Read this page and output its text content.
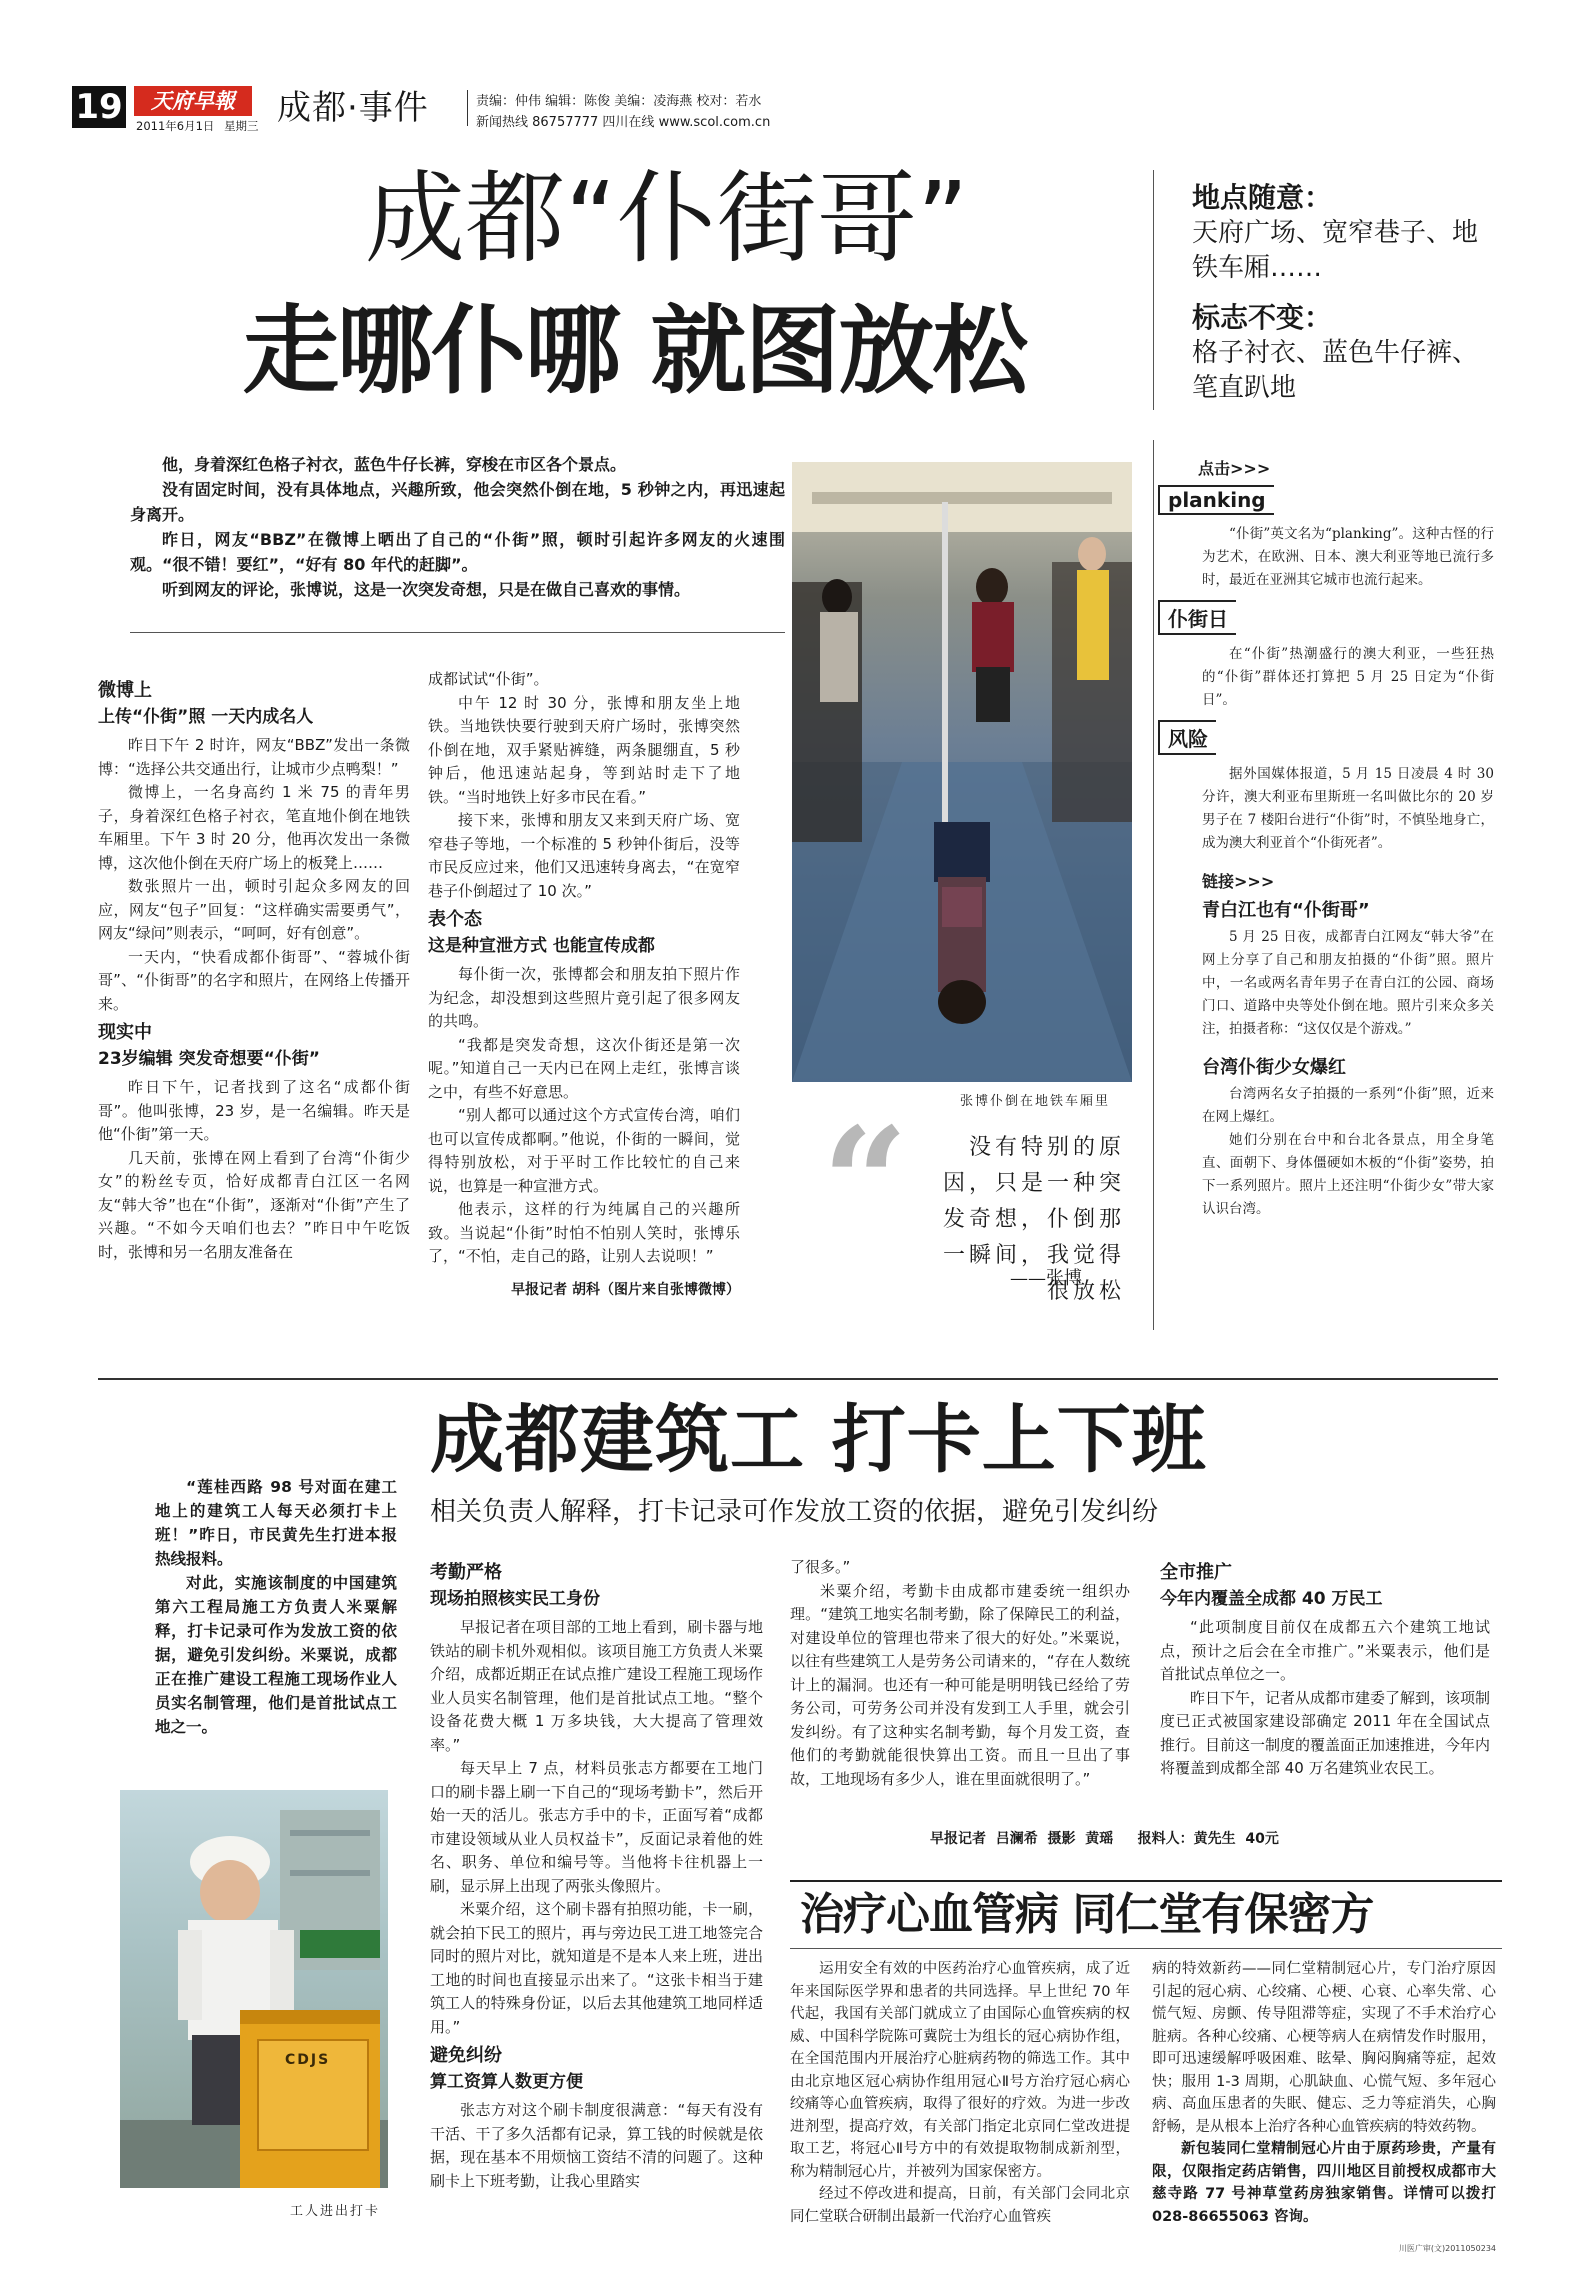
19	天府早報
2011年6月1日 星期三 成都·事件	责编：仲伟 编辑：陈俊 美编：凌海燕 校对：若水
新闻热线 86757777 四川在线 www.scol.com.cn
成都“仆街哥”
走哪仆哪 就图放松
地点随意：
天府广场、宽窄巷子、地铁车厢……
标志不变：
格子衬衣、蓝色牛仔裤、笔直趴地

他，身着深红色格子衬衣，蓝色牛仔长裤，穿梭在市区各个景点。

没有固定时间，没有具体地点，兴趣所致，他会突然仆倒在地，5 秒钟之内，再迅速起身离开。

昨日，网友“BBZ”在微博上晒出了自己的“仆街”照，顿时引起许多网友的火速围观。“很不错！要红”，“好有 80 年代的赶脚”。

听到网友的评论，张博说，这是一次突发奇想，只是在做自己喜欢的事情。

微博上
上传“仆街”照 一天内成名人

昨日下午 2 时许，网友“BBZ”发出一条微博：“选择公共交通出行，让城市少点鸭梨！”

微博上，一名身高约 1 米 75 的青年男子，身着深红色格子衬衣，笔直地仆倒在地铁车厢里。下午 3 时 20 分，他再次发出一条微博，这次他仆倒在天府广场上的板凳上……

数张照片一出，顿时引起众多网友的回应，网友“包子”回复：“这样确实需要勇气”，网友“绿问”则表示，“呵呵，好有创意”。

一天内，“快看成都仆街哥”、“蓉城仆街哥”、“仆街哥”的名字和照片，在网络上传播开来。

现实中
23岁编辑 突发奇想要“仆街”

昨日下午，记者找到了这名“成都仆街哥”。他叫张博，23 岁，是一名编辑。昨天是他“仆街”第一天。

几天前，张博在网上看到了台湾“仆街少女”的粉丝专页，恰好成都青白江区一名网友“韩大爷”也在“仆街”，逐渐对“仆街”产生了兴趣。“不如今天咱们也去？”昨日中午吃饭时，张博和另一名朋友准备在

成都试试“仆街”。

中午 12 时 30 分，张博和朋友坐上地铁。当地铁快要行驶到天府广场时，张博突然仆倒在地，双手紧贴裤缝，两条腿绷直，5 秒钟后，他迅速站起身，等到站时走下了地铁。“当时地铁上好多市民在看。”

接下来，张博和朋友又来到天府广场、宽窄巷子等地，一个标准的 5 秒钟仆街后，没等市民反应过来，他们又迅速转身离去，“在宽窄巷子仆倒超过了 10 次。”

表个态
这是种宣泄方式 也能宣传成都

每仆街一次，张博都会和朋友拍下照片作为纪念，却没想到这些照片竟引起了很多网友的共鸣。

“我都是突发奇想，这次仆街还是第一次呢。”知道自己一天内已在网上走红，张博言谈之中，有些不好意思。

“别人都可以通过这个方式宣传台湾，咱们也可以宣传成都啊。”他说，仆街的一瞬间，觉得特别放松，对于平时工作比较忙的自己来说，也算是一种宣泄方式。

他表示，这样的行为纯属自己的兴趣所致。当说起“仆街”时怕不怕别人笑时，张博乐了，“不怕，走自己的路，让别人去说呗！”

早报记者 胡科（图片来自张博微博）
张博仆倒在地铁车厢里
“	没有特别的原因，只是一种突发奇想，仆倒那一瞬间，我觉得很放松
——张博
点击>>>
planking

“仆街”英文名为“planking”。这种古怪的行为艺术，在欧洲、日本、澳大利亚等地已流行多时，最近在亚洲其它城市也流行起来。

仆街日

在“仆街”热潮盛行的澳大利亚，一些狂热的“仆街”群体还打算把 5 月 25 日定为“仆街日”。

风险

据外国媒体报道，5 月 15 日凌晨 4 时 30 分许，澳大利亚布里斯班一名叫做比尔的 20 岁男子在 7 楼阳台进行“仆街”时，不慎坠地身亡，成为澳大利亚首个“仆街死者”。

链接>>>
青白江也有“仆街哥”

5 月 25 日夜，成都青白江网友“韩大爷”在网上分享了自己和朋友拍摄的“仆街”照。照片中，一名或两名青年男子在青白江的公园、商场门口、道路中央等处仆倒在地。照片引来众多关注，拍摄者称：“这仅仅是个游戏。”

台湾仆街少女爆红

台湾两名女子拍摄的一系列“仆街”照，近来在网上爆红。

她们分别在台中和台北各景点，用全身笔直、面朝下、身体僵硬如木板的“仆街”姿势，拍下一系列照片。照片上还注明“仆街少女”带大家认识台湾。

成都建筑工 打卡上下班
相关负责人解释，打卡记录可作发放工资的依据，避免引发纠纷

“莲桂西路 98 号对面在建工地上的建筑工人每天必须打卡上班！”昨日，市民黄先生打进本报热线报料。

对此，实施该制度的中国建筑第六工程局施工方负责人米粟解释，打卡记录可作为发放工资的依据，避免引发纠纷。米粟说，成都正在推广建设工程施工现场作业人员实名制管理，他们是首批试点工地之一。

CDJS
工人进出打卡
考勤严格
现场拍照核实民工身份

早报记者在项目部的工地上看到，刷卡器与地铁站的刷卡机外观相似。该项目施工方负责人米粟介绍，成都近期正在试点推广建设工程施工现场作业人员实名制管理，他们是首批试点工地。“整个设备花费大概 1 万多块钱，大大提高了管理效率。”

每天早上 7 点，材料员张志方都要在工地门口的刷卡器上刷一下自己的“现场考勤卡”，然后开始一天的活儿。张志方手中的卡，正面写着“成都市建设领域从业人员权益卡”，反面记录着他的姓名、职务、单位和编号等。当他将卡往机器上一刷，显示屏上出现了两张头像照片。

米粟介绍，这个刷卡器有拍照功能，卡一刷，就会拍下民工的照片，再与旁边民工进工地签完合同时的照片对比，就知道是不是本人来上班，进出工地的时间也直接显示出来了。“这张卡相当于建筑工人的特殊身份证，以后去其他建筑工地同样适用。”

避免纠纷
算工资算人数更方便

张志方对这个刷卡制度很满意：“每天有没有干活、干了多久活都有记录，算工钱的时候就是依据，现在基本不用烦恼工资结不清的问题了。这种刷卡上下班考勤，让我心里踏实

了很多。”

米粟介绍，考勤卡由成都市建委统一组织办理。“建筑工地实名制考勤，除了保障民工的利益，对建设单位的管理也带来了很大的好处。”米粟说，以往有些建筑工人是劳务公司请来的，“存在人数统计上的漏洞。也还有一种可能是明明钱已经给了劳务公司，可劳务公司并没有发到工人手里，就会引发纠纷。有了这种实名制考勤，每个月发工资，查他们的考勤就能很快算出工资。而且一旦出了事故，工地现场有多少人，谁在里面就很明了。”

早报记者  吕澜希  摄影  黄瑶     报料人：黄先生  40元
全市推广
今年内覆盖全成都 40 万民工

“此项制度目前仅在成都五六个建筑工地试点，预计之后会在全市推广。”米粟表示，他们是首批试点单位之一。

昨日下午，记者从成都市建委了解到，该项制度已正式被国家建设部确定 2011 年在全国试点推行。目前这一制度的覆盖面正加速推进，今年内将覆盖到成都全部 40 万名建筑业农民工。

治疗心血管病 同仁堂有保密方

运用安全有效的中医药治疗心血管疾病，成了近年来国际医学界和患者的共同选择。早上世纪 70 年代起，我国有关部门就成立了由国际心血管疾病的权威、中国科学院陈可冀院士为组长的冠心病协作组，在全国范围内开展治疗心脏病药物的筛选工作。其中由北京地区冠心病协作组用冠心Ⅱ号方治疗冠心病心绞痛等心血管疾病，取得了很好的疗效。为进一步改进剂型，提高疗效，有关部门指定北京同仁堂改进提取工艺，将冠心Ⅱ号方中的有效提取物制成新剂型，称为精制冠心片，并被列为国家保密方。

经过不停改进和提高，日前，有关部门会同北京同仁堂联合研制出最新一代治疗心血管疾

病的特效新药——同仁堂精制冠心片，专门治疗原因引起的冠心病、心绞痛、心梗、心衰、心率失常、心慌气短、房颤、传导阻滞等症，实现了不手术治疗心脏病。各种心绞痛、心梗等病人在病情发作时服用，即可迅速缓解呼吸困难、眩晕、胸闷胸痛等症，起效快；服用 1-3 周期，心肌缺血、心慌气短、多年冠心病、高血压患者的失眠、健忘、乏力等症消失，心胸舒畅，是从根本上治疗各种心血管疾病的特效药物。

新包装同仁堂精制冠心片由于原药珍贵，产量有限，仅限指定药店销售，四川地区目前授权成都市大慈寺路 77 号神草堂药房独家销售。详情可以拨打 028-86655063 咨询。

川医广审(文)2011050234
